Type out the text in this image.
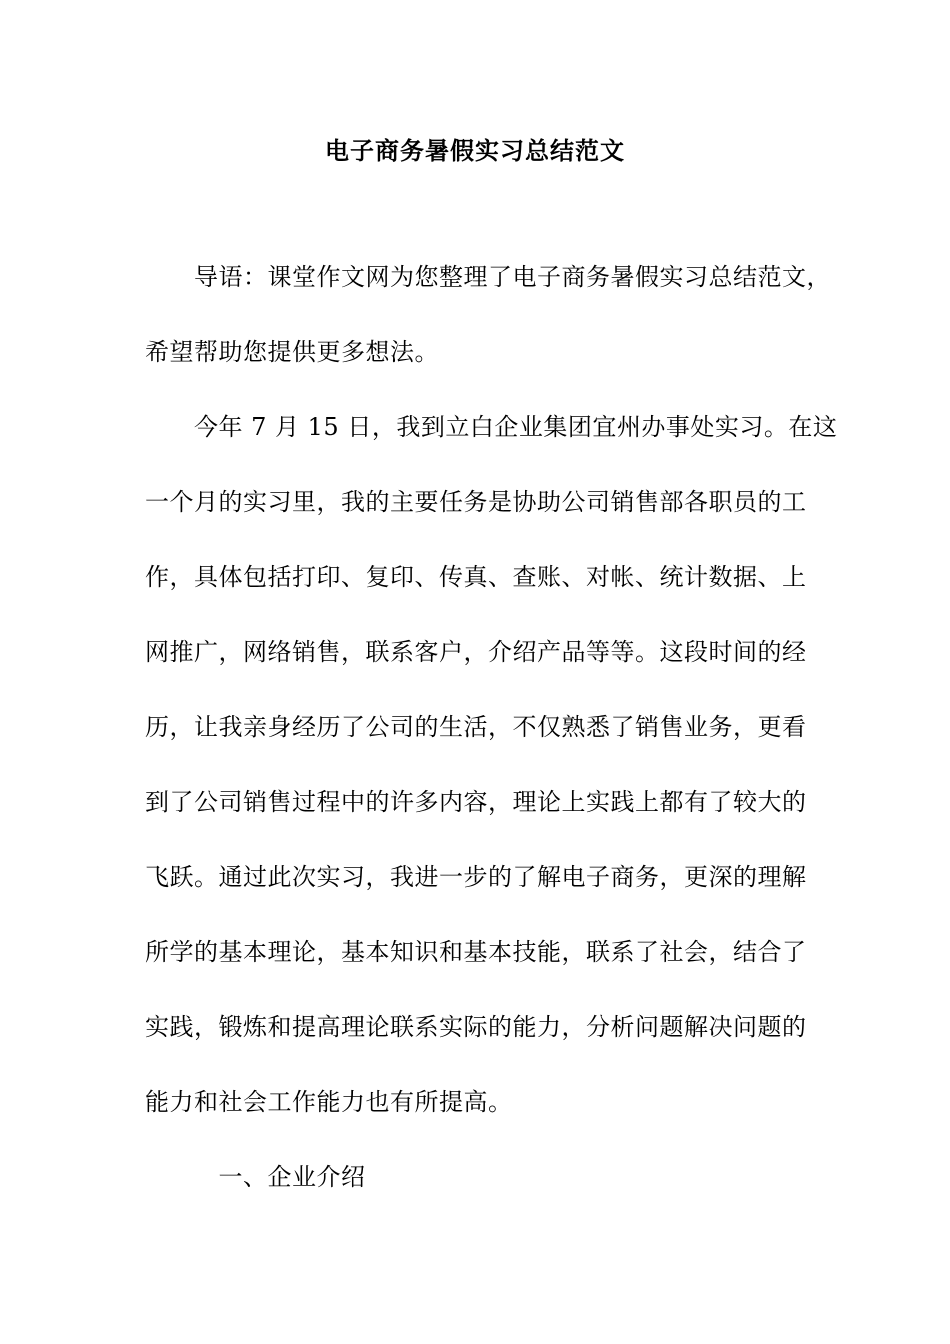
电子商务暑假实习总结范文
　　导语：课堂作文网为您整理了电子商务暑假实习总结范文，
希望帮助您提供更多想法。
　　今年 7 月 15 日，我到立白企业集团宜州办事处实习。在这
一个月的实习里，我的主要任务是协助公司销售部各职员的工
作，具体包括打印、复印、传真、查账、对帐、统计数据、上
网推广，网络销售，联系客户，介绍产品等等。这段时间的经
历，让我亲身经历了公司的生活，不仅熟悉了销售业务，更看
到了公司销售过程中的许多内容，理论上实践上都有了较大的
飞跃。通过此次实习，我进一步的了解电子商务，更深的理解
所学的基本理论，基本知识和基本技能，联系了社会，结合了
实践，锻炼和提高理论联系实际的能力，分析问题解决问题的
能力和社会工作能力也有所提高。
　　　一、企业介绍
